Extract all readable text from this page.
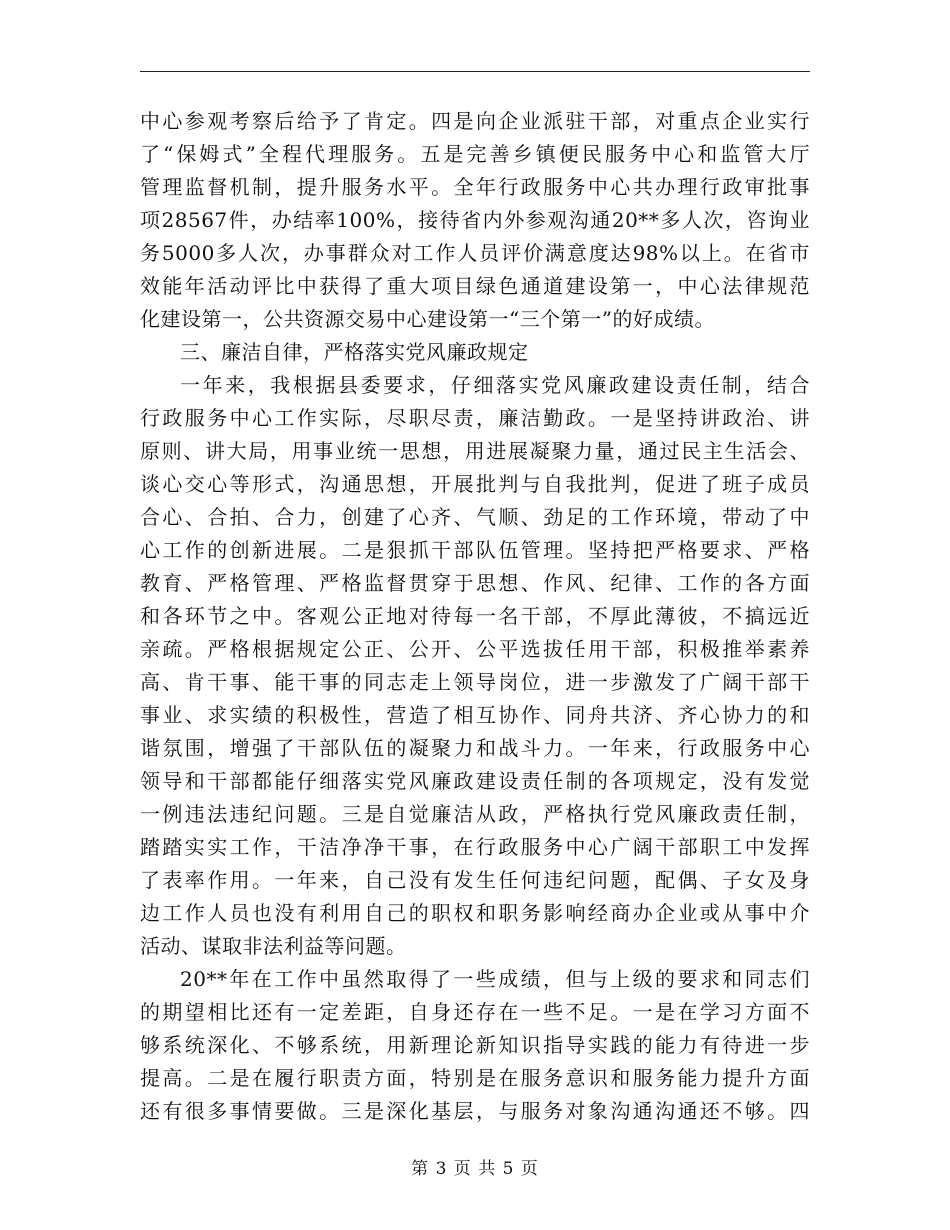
中心参观考察后给予了肯定。四是向企业派驻干部，对重点企业实行
了“保姆式”全程代理服务。五是完善乡镇便民服务中心和监管大厅
管理监督机制，提升服务水平。全年行政服务中心共办理行政审批事
项28567件，办结率100%，接待省内外参观沟通20**多人次，咨询业
务5000多人次，办事群众对工作人员评价满意度达98%以上。在省市
效能年活动评比中获得了重大项目绿色通道建设第一，中心法律规范
化建设第一，公共资源交易中心建设第一“三个第一”的好成绩。
三、廉洁自律，严格落实党风廉政规定
一年来，我根据县委要求，仔细落实党风廉政建设责任制，结合
行政服务中心工作实际，尽职尽责，廉洁勤政。一是坚持讲政治、讲
原则、讲大局，用事业统一思想，用进展凝聚力量，通过民主生活会、
谈心交心等形式，沟通思想，开展批判与自我批判，促进了班子成员
合心、合拍、合力，创建了心齐、气顺、劲足的工作环境，带动了中
心工作的创新进展。二是狠抓干部队伍管理。坚持把严格要求、严格
教育、严格管理、严格监督贯穿于思想、作风、纪律、工作的各方面
和各环节之中。客观公正地对待每一名干部，不厚此薄彼，不搞远近
亲疏。严格根据规定公正、公开、公平选拔任用干部，积极推举素养
高、肯干事、能干事的同志走上领导岗位，进一步激发了广阔干部干
事业、求实绩的积极性，营造了相互协作、同舟共济、齐心协力的和
谐氛围，增强了干部队伍的凝聚力和战斗力。一年来，行政服务中心
领导和干部都能仔细落实党风廉政建设责任制的各项规定，没有发觉
一例违法违纪问题。三是自觉廉洁从政，严格执行党风廉政责任制，
踏踏实实工作，干洁净净干事，在行政服务中心广阔干部职工中发挥
了表率作用。一年来，自己没有发生任何违纪问题，配偶、子女及身
边工作人员也没有利用自己的职权和职务影响经商办企业或从事中介
活动、谋取非法利益等问题。
20**年在工作中虽然取得了一些成绩，但与上级的要求和同志们
的期望相比还有一定差距，自身还存在一些不足。一是在学习方面不
够系统深化、不够系统，用新理论新知识指导实践的能力有待进一步
提高。二是在履行职责方面，特别是在服务意识和服务能力提升方面
还有很多事情要做。三是深化基层，与服务对象沟通沟通还不够。四
第 3 页 共 5 页
